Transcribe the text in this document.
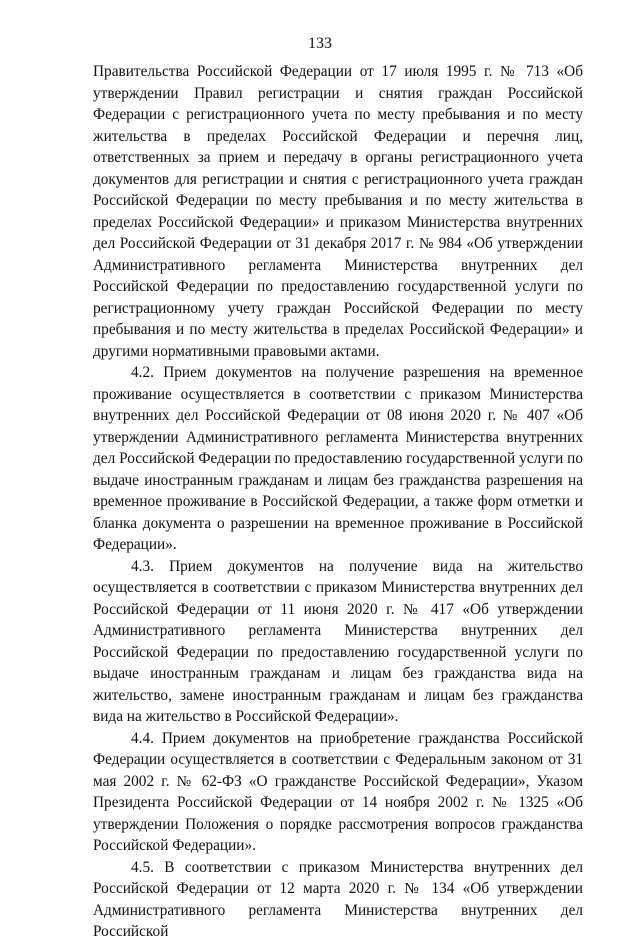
133

Правительства Российской Федерации от 17 июля 1995 г. № 713 «Об утверждении Правил регистрации и снятия граждан Российской Федерации с регистрационного учета по месту пребывания и по месту жительства в пределах Российской Федерации и перечня лиц, ответственных за прием и передачу в органы регистрационного учета документов для регистрации и снятия с регистрационного учета граждан Российской Федерации по месту пребывания и по месту жительства в пределах Российской Федерации» и приказом Министерства внутренних дел Российской Федерации от 31 декабря 2017 г. № 984 «Об утверждении Административного регламента Министерства внутренних дел Российской Федерации по предоставлению государственной услуги по регистрационному учету граждан Российской Федерации по месту пребывания и по месту жительства в пределах Российской Федерации» и другими нормативными правовыми актами.

4.2. Прием документов на получение разрешения на временное проживание осуществляется в соответствии с приказом Министерства внутренних дел Российской Федерации от 08 июня 2020 г. № 407 «Об утверждении Административного регламента Министерства внутренних дел Российской Федерации по предоставлению государственной услуги по выдаче иностранным гражданам и лицам без гражданства разрешения на временное проживание в Российской Федерации, а также форм отметки и бланка документа о разрешении на временное проживание в Российской Федерации».

4.3. Прием документов на получение вида на жительство осуществляется в соответствии с приказом Министерства внутренних дел Российской Федерации от 11 июня 2020 г. № 417 «Об утверждении Административного регламента Министерства внутренних дел Российской Федерации по предоставлению государственной услуги по выдаче иностранным гражданам и лицам без гражданства вида на жительство, замене иностранным гражданам и лицам без гражданства вида на жительство в Российской Федерации».

4.4. Прием документов на приобретение гражданства Российской Федерации осуществляется в соответствии с Федеральным законом от 31 мая 2002 г. № 62-ФЗ «О гражданстве Российской Федерации», Указом Президента Российской Федерации от 14 ноября 2002 г. № 1325 «Об утверждении Положения о порядке рассмотрения вопросов гражданства Российской Федерации».

4.5. В соответствии с приказом Министерства внутренних дел Российской Федерации от 12 марта 2020 г. № 134 «Об утверждении Административного регламента Министерства внутренних дел Российской
